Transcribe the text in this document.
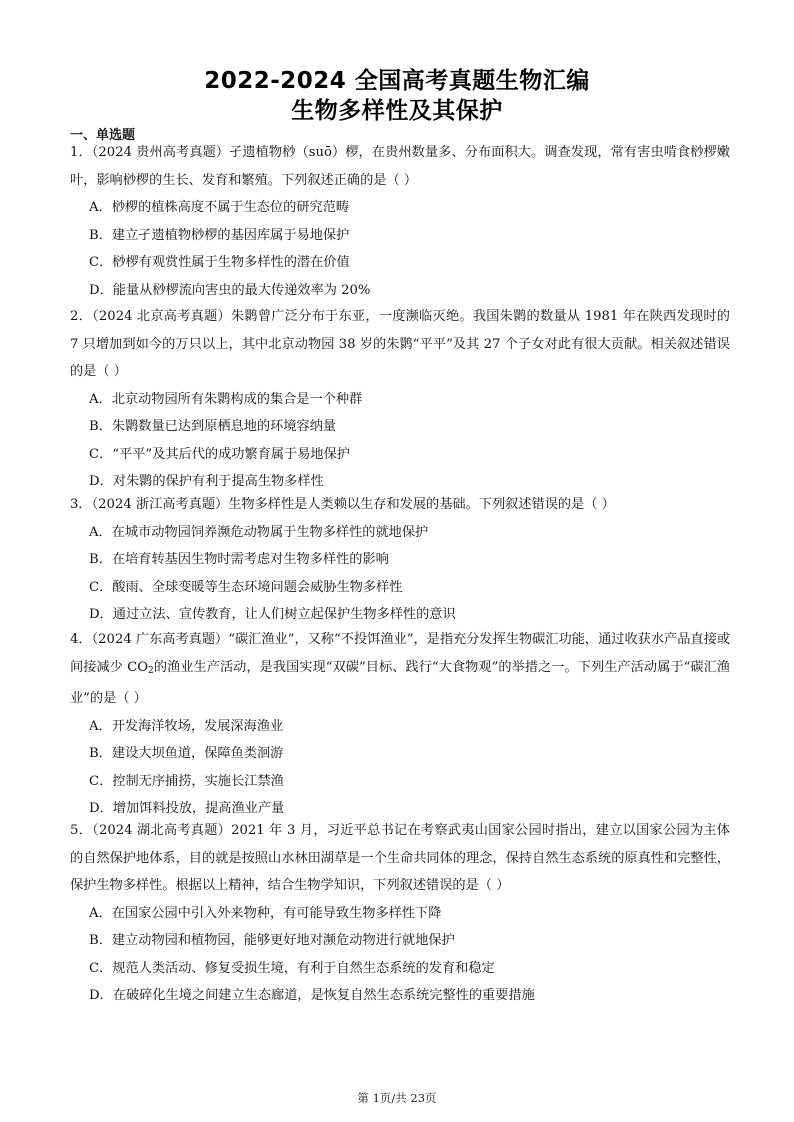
2022-2024 全国高考真题生物汇编
生物多样性及其保护
一、单选题
1．（2024 贵州高考真题）孑遗植物桫（suō）椤，在贵州数量多、分布面积大。调查发现，常有害虫啃食桫椤嫩叶，影响桫椤的生长、发育和繁殖。下列叙述正确的是（ ）
A．桫椤的植株高度不属于生态位的研究范畴
B．建立孑遗植物桫椤的基因库属于易地保护
C．桫椤有观赏性属于生物多样性的潜在价值
D．能量从桫椤流向害虫的最大传递效率为 20%
2．（2024 北京高考真题）朱鹮曾广泛分布于东亚，一度濒临灭绝。我国朱鹮的数量从 1981 年在陕西发现时的 7 只增加到如今的万只以上，其中北京动物园 38 岁的朱鹮“平平”及其 27 个子女对此有很大贡献。相关叙述错误的是（ ）
A．北京动物园所有朱鹮构成的集合是一个种群
B．朱鹮数量已达到原栖息地的环境容纳量
C．“平平”及其后代的成功繁育属于易地保护
D．对朱鹮的保护有利于提高生物多样性
3．（2024 浙江高考真题）生物多样性是人类赖以生存和发展的基础。下列叙述错误的是（ ）
A．在城市动物园饲养濒危动物属于生物多样性的就地保护
B．在培育转基因生物时需考虑对生物多样性的影响
C．酸雨、全球变暖等生态环境问题会威胁生物多样性
D．通过立法、宣传教育，让人们树立起保护生物多样性的意识
4．（2024 广东高考真题）“碳汇渔业”，又称“不投饵渔业”，是指充分发挥生物碳汇功能，通过收获水产品直接或间接减少 $CO_2$的渔业生产活动，是我国实现“双碳”目标、践行“大食物观”的举措之一。下列生产活动属于“碳汇渔业”的是（ ）
A．开发海洋牧场，发展深海渔业
B．建设大坝鱼道，保障鱼类洄游
C．控制无序捕捞，实施长江禁渔
D．增加饵料投放，提高渔业产量
5．（2024 湖北高考真题）2021 年 3 月，习近平总书记在考察武夷山国家公园时指出，建立以国家公园为主体的自然保护地体系，目的就是按照山水林田湖草是一个生命共同体的理念，保持自然生态系统的原真性和完整性，保护生物多样性。根据以上精神，结合生物学知识，下列叙述错误的是（ ）
A．在国家公园中引入外来物种，有可能导致生物多样性下降
B．建立动物园和植物园，能够更好地对濒危动物进行就地保护
C．规范人类活动、修复受损生境，有利于自然生态系统的发育和稳定
D．在破碎化生境之间建立生态廊道，是恢复自然生态系统完整性的重要措施
第 1页/共 23页
